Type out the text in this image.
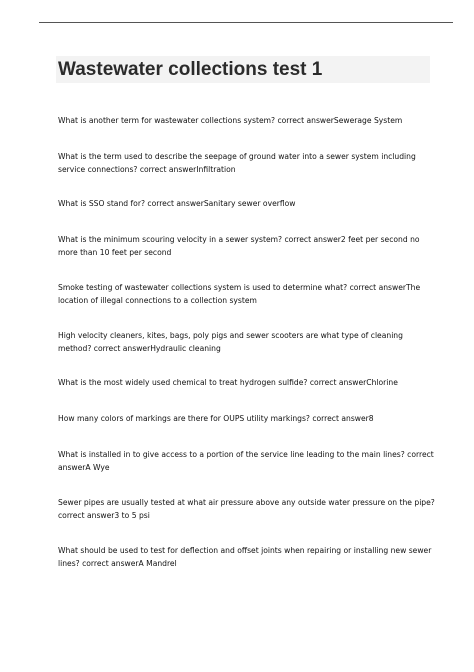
Wastewater collections test 1

What is another term for wastewater collections system? correct answerSewerage System

What is the term used to describe the seepage of ground water into a sewer system including service connections? correct answerInfiltration

What is SSO stand for? correct answerSanitary sewer overflow

What is the minimum scouring velocity in a sewer system? correct answer2 feet per second no more than 10 feet per second

Smoke testing of wastewater collections system is used to determine what? correct answerThe location of illegal connections to a collection system

High velocity cleaners, kites, bags, poly pigs and sewer scooters are what type of cleaning method? correct answerHydraulic cleaning

What is the most widely used chemical to treat hydrogen sulfide? correct answerChlorine

How many colors of markings are there for OUPS utility markings? correct answer8

What is installed in to give access to a portion of the service line leading to the main lines? correct answerA Wye

Sewer pipes are usually tested at what air pressure above any outside water pressure on the pipe? correct answer3 to 5 psi

What should be used to test for deflection and offset joints when repairing or installing new sewer lines? correct answerA Mandrel
